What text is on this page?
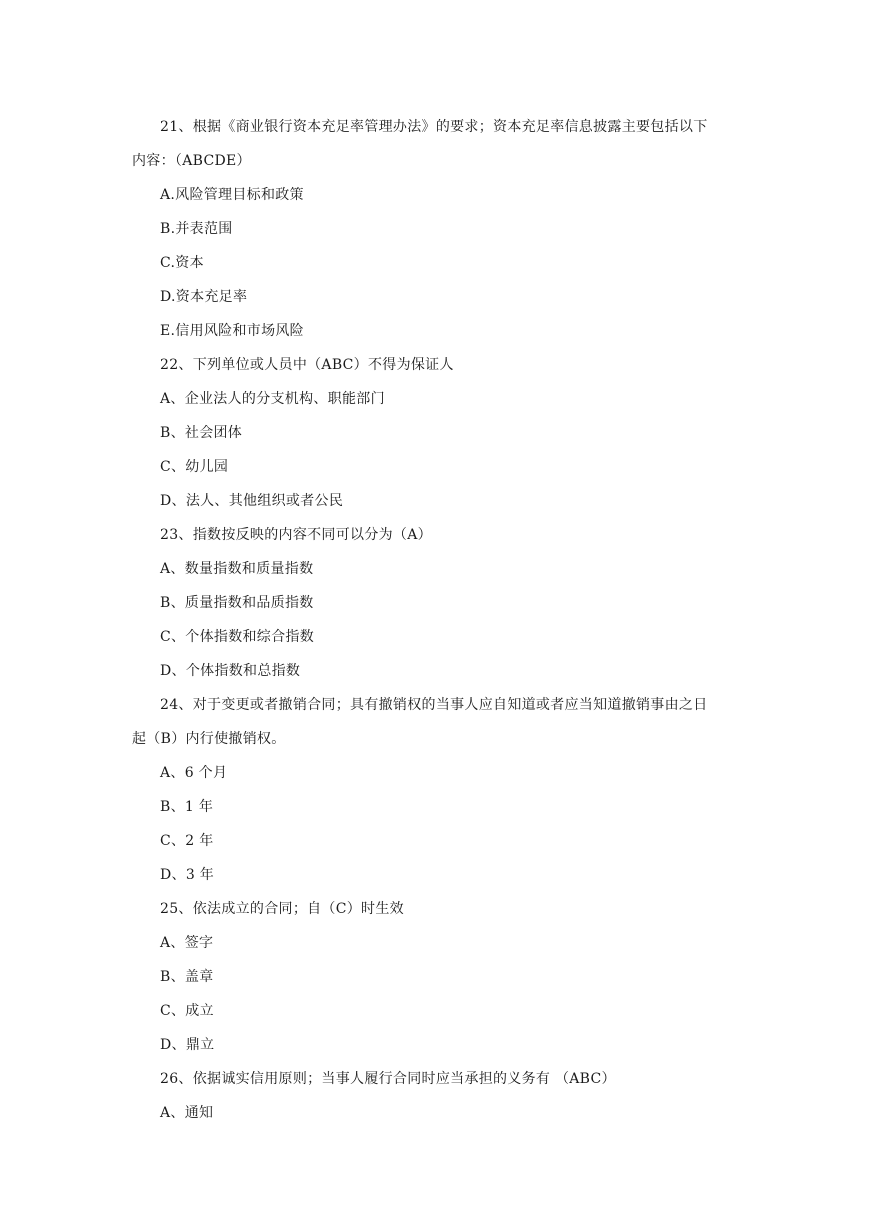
21、根据《商业银行资本充足率管理办法》的要求；资本充足率信息披露主要包括以下
内容：（ABCDE）
A.风险管理目标和政策
B.并表范围
C.资本
D.资本充足率
E.信用风险和市场风险
22、下列单位或人员中（ABC）不得为保证人
A、企业法人的分支机构、职能部门
B、社会团体
C、幼儿园
D、法人、其他组织或者公民
23、指数按反映的内容不同可以分为（A）
A、数量指数和质量指数
B、质量指数和品质指数
C、个体指数和综合指数
D、个体指数和总指数
24、对于变更或者撤销合同；具有撤销权的当事人应自知道或者应当知道撤销事由之日
起（B）内行使撤销权。
A、6 个月
B、1 年
C、2 年
D、3 年
25、依法成立的合同；自（C）时生效
A、签字
B、盖章
C、成立
D、鼎立
26、依据诚实信用原则；当事人履行合同时应当承担的义务有 （ABC）
A、通知
